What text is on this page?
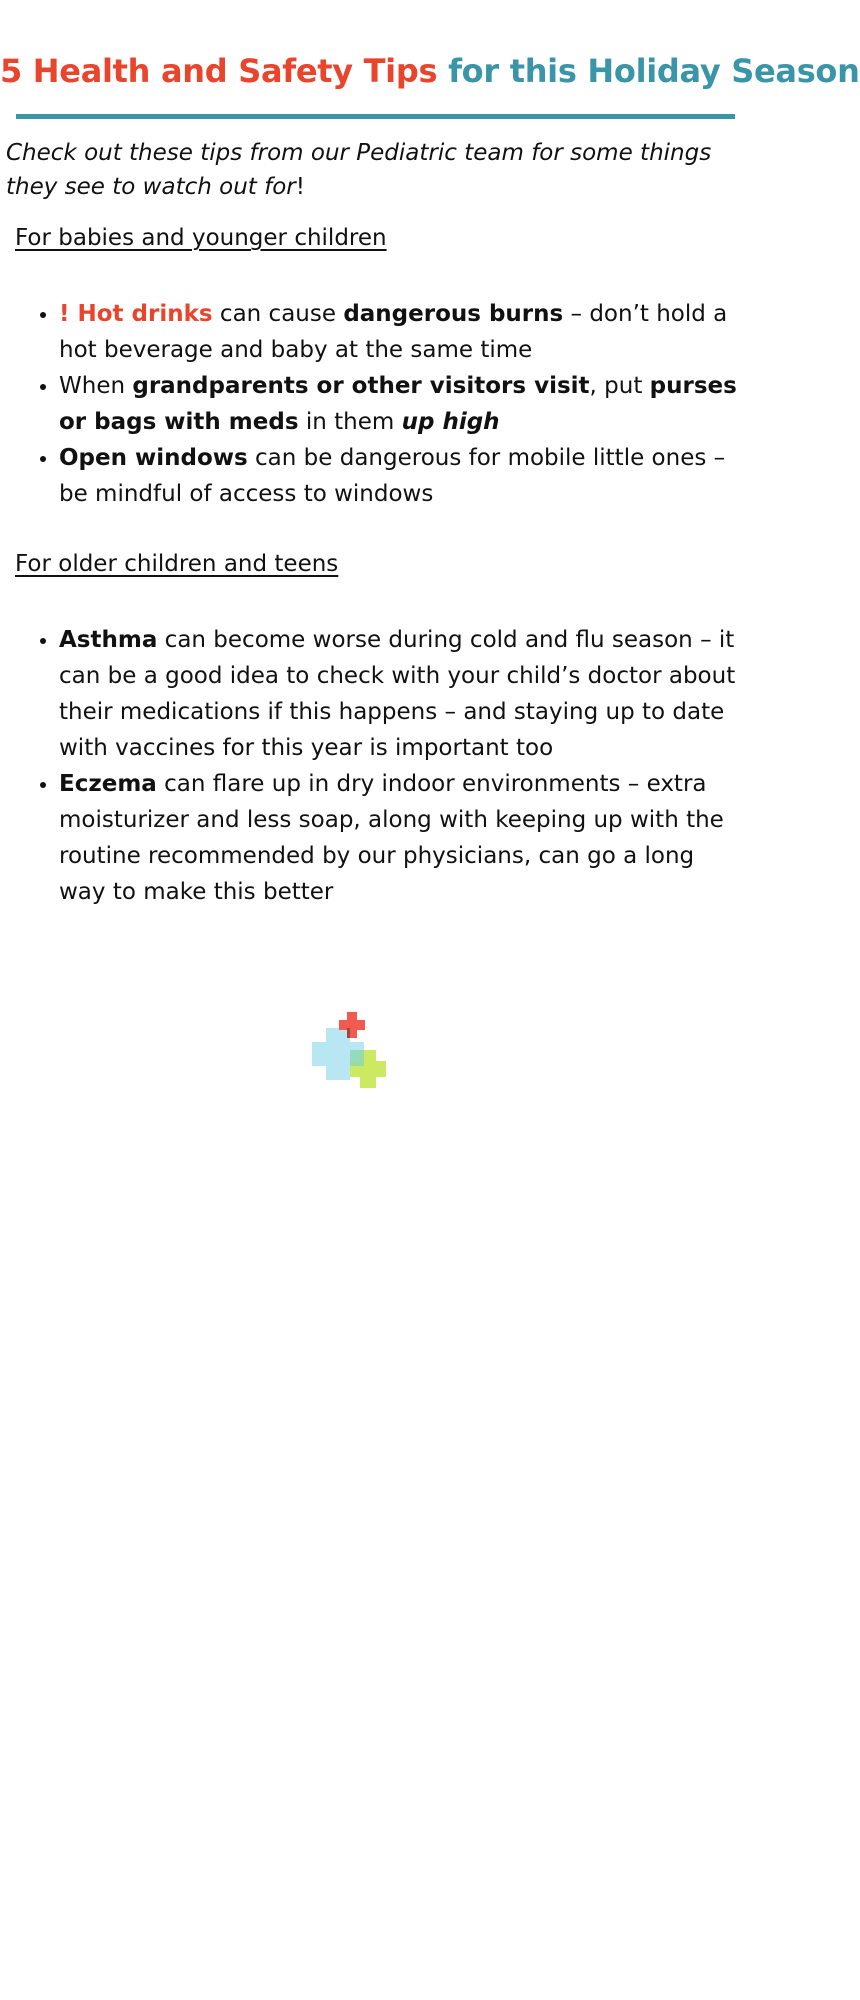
5 Health and Safety Tips for this Holiday Season

Check out these tips from our Pediatric team for some things they see to watch out for!

For babies and younger children
• ! Hot drinks can cause dangerous burns – don’t hold a hot beverage and baby at the same time
• When grandparents or other visitors visit, put purses or bags with meds in them up high
• Open windows can be dangerous for mobile little ones – be mindful of access to windows
For older children and teens
• Asthma can become worse during cold and flu season – it can be a good idea to check with your child’s doctor about their medications if this happens – and staying up to date with vaccines for this year is important too
• Eczema can flare up in dry indoor environments – extra moisturizer and less soap, along with keeping up with the routine recommended by our physicians, can go a long way to make this better
